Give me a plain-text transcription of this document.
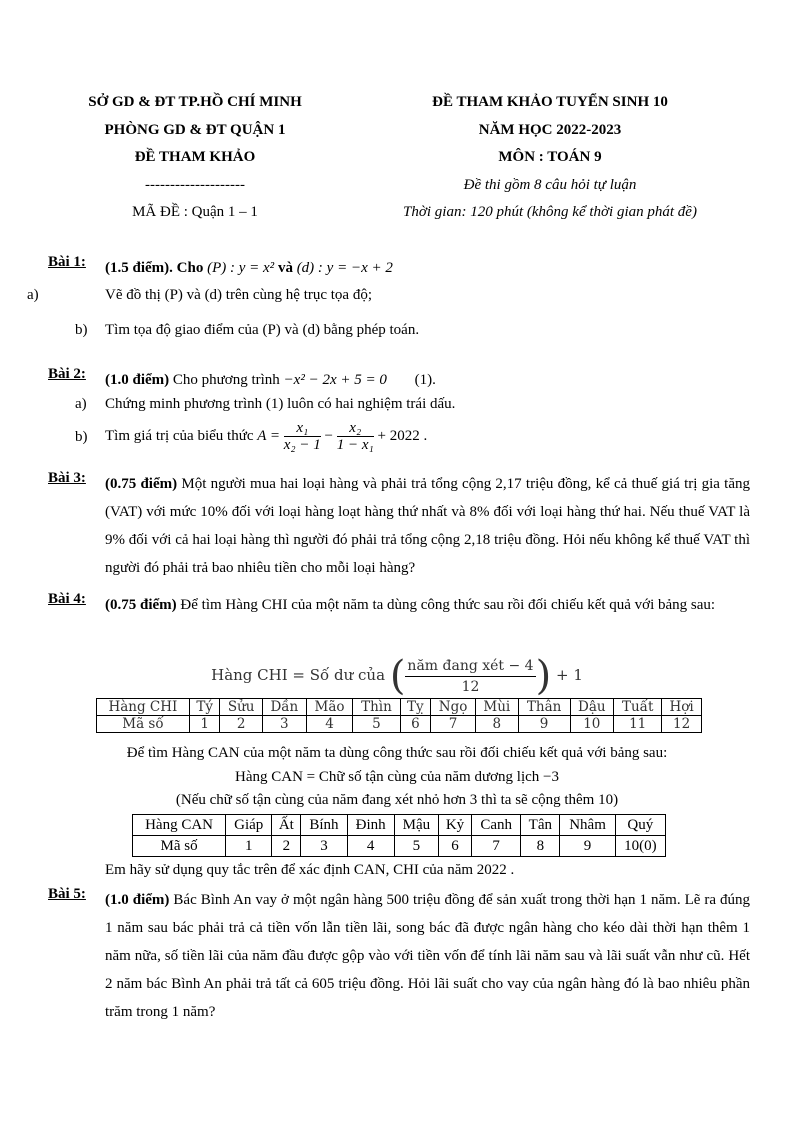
SỞ GD & ĐT TP.HỒ CHÍ MINH
PHÒNG GD & ĐT QUẬN 1
ĐỀ THAM KHẢO
--------------------
MÃ ĐỀ : Quận 1 – 1
ĐỀ THAM KHẢO TUYỂN SINH 10
NĂM HỌC 2022-2023
MÔN : TOÁN 9
Đề thi gồm 8 câu hỏi tự luận
Thời gian: 120 phút (không kể thời gian phát đề)
Bài 1: (1.5 điểm). Cho (P) : y = x² và (d) : y = −x + 2
a)	Vẽ đồ thị (P) và (d) trên cùng hệ trục tọa độ;
b) Tìm tọa độ giao điểm của (P) và (d) bằng phép toán.
Bài 2: (1.0 điểm) Cho phương trình −x² − 2x + 5 = 0 (1).
a) Chứng minh phương trình (1) luôn có hai nghiệm trái dấu.
b) Tìm giá trị của biểu thức $A = \frac{\text{x₁}}{\text{x₂ − 1}} - \frac{\text{x₂}}{\text{1 − x₁}} + 2022$ .
Bài 3: (0.75 điểm) Một người mua hai loại hàng và phải trả tổng cộng 2,17 triệu đồng, kể cả thuế giá trị gia tăng (VAT) với mức 10% đối với loại hàng loạt hàng thứ nhất và 8% đối với loại hàng thứ hai. Nếu thuế VAT là 9% đối với cả hai loại hàng thì người đó phải trả tổng cộng 2,18 triệu đồng. Hỏi nếu không kể thuế VAT thì người đó phải trả bao nhiêu tiền cho mỗi loại hàng?
Bài 4: (0.75 điểm) Để tìm Hàng CHI của một năm ta dùng công thức sau rồi đối chiếu kết quả với bảng sau:
Hàng CHI = Số dư của ( $\frac{\text{năm đang xét − 4}}{12}$ ) + 1
Hàng CHI	Tý	Sửu	Dần	Mão	Thìn	Tỵ	Ngọ	Mùi	Thân	Dậu	Tuất	Hợi
Mã số	1	2	3	4	5	6	7	8	9	10	11	12
Để tìm Hàng CAN của một năm ta dùng công thức sau rồi đối chiếu kết quả với bảng sau:
Hàng CAN = Chữ số tận cùng của năm dương lịch −3
(Nếu chữ số tận cùng của năm đang xét nhỏ hơn 3 thì ta sẽ cộng thêm 10)
Hàng CAN	Giáp	Ất	Bính	Đinh	Mậu	Kỷ	Canh	Tân	Nhâm	Quý
Mã số	1	2	3	4	5	6	7	8	9	10(0)
Em hãy sử dụng quy tắc trên để xác định CAN, CHI của năm 2022 .
Bài 5: (1.0 điểm) Bác Bình An vay ở một ngân hàng 500 triệu đồng để sản xuất trong thời hạn 1 năm. Lẽ ra đúng 1 năm sau bác phải trả cả tiền vốn lẫn tiền lãi, song bác đã được ngân hàng cho kéo dài thời hạn thêm 1 năm nữa, số tiền lãi của năm đầu được gộp vào với tiền vốn để tính lãi năm sau và lãi suất vẫn như cũ. Hết 2 năm bác Bình An phải trả tất cả 605 triệu đồng. Hỏi lãi suất cho vay của ngân hàng đó là bao nhiêu phần trăm trong 1 năm?
